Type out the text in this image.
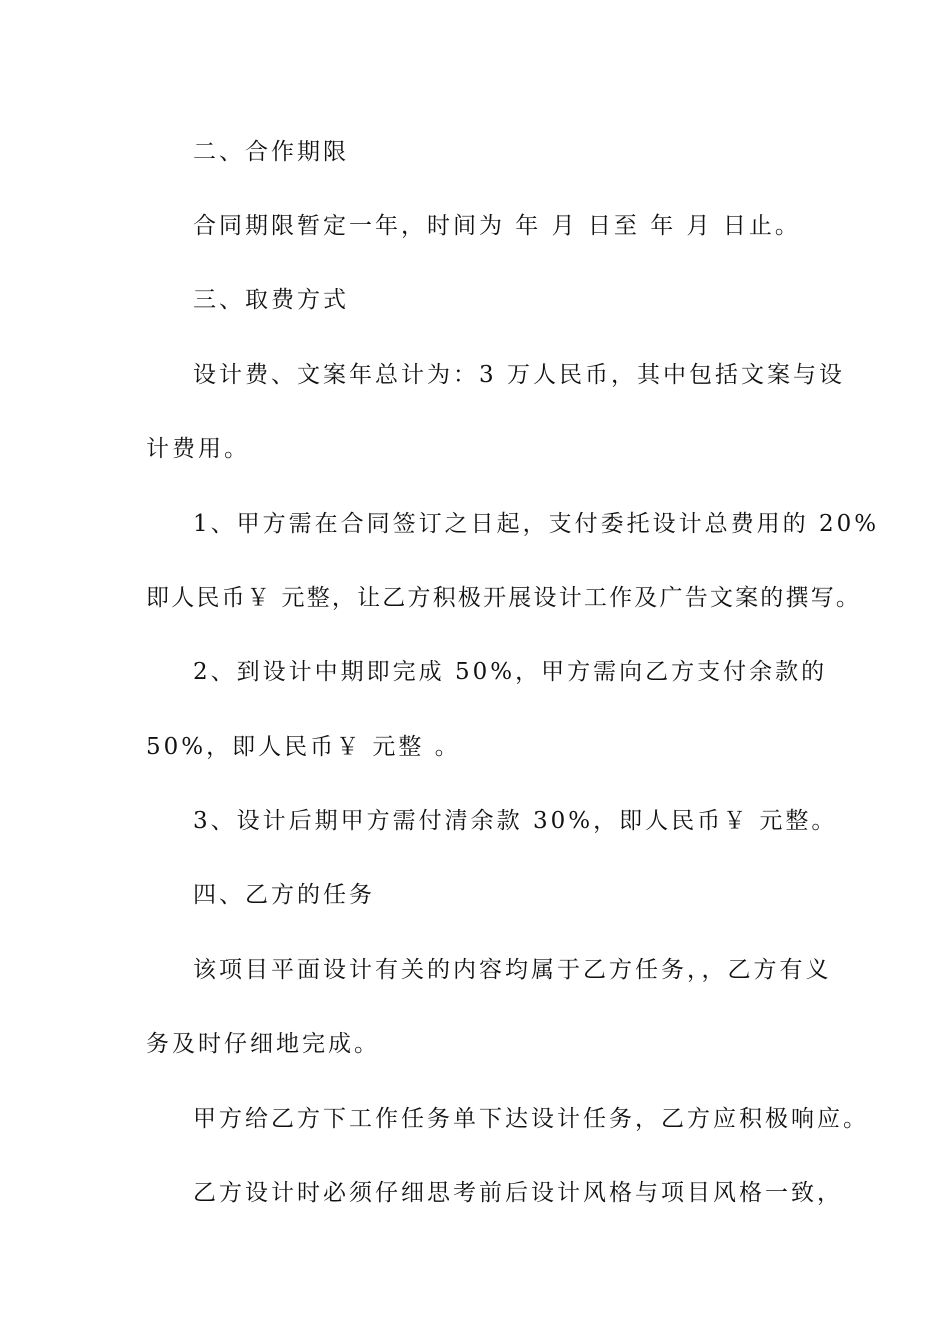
二、合作期限
合同期限暂定一年，时间为 年 月 日至 年 月 日止。
三、取费方式
设计费、文案年总计为：3 万人民币，其中包括文案与设
计费用。
1、甲方需在合同签订之日起，支付委托设计总费用的 20%
即人民币￥ 元整，让乙方积极开展设计工作及广告文案的撰写。
2、到设计中期即完成 50%，甲方需向乙方支付余款的
50%，即人民币￥ 元整 。
3、设计后期甲方需付清余款 30%，即人民币￥ 元整。
四、乙方的任务
该项目平面设计有关的内容均属于乙方任务，，乙方有义
务及时仔细地完成。
甲方给乙方下工作任务单下达设计任务，乙方应积极响应。
乙方设计时必须仔细思考前后设计风格与项目风格一致，
